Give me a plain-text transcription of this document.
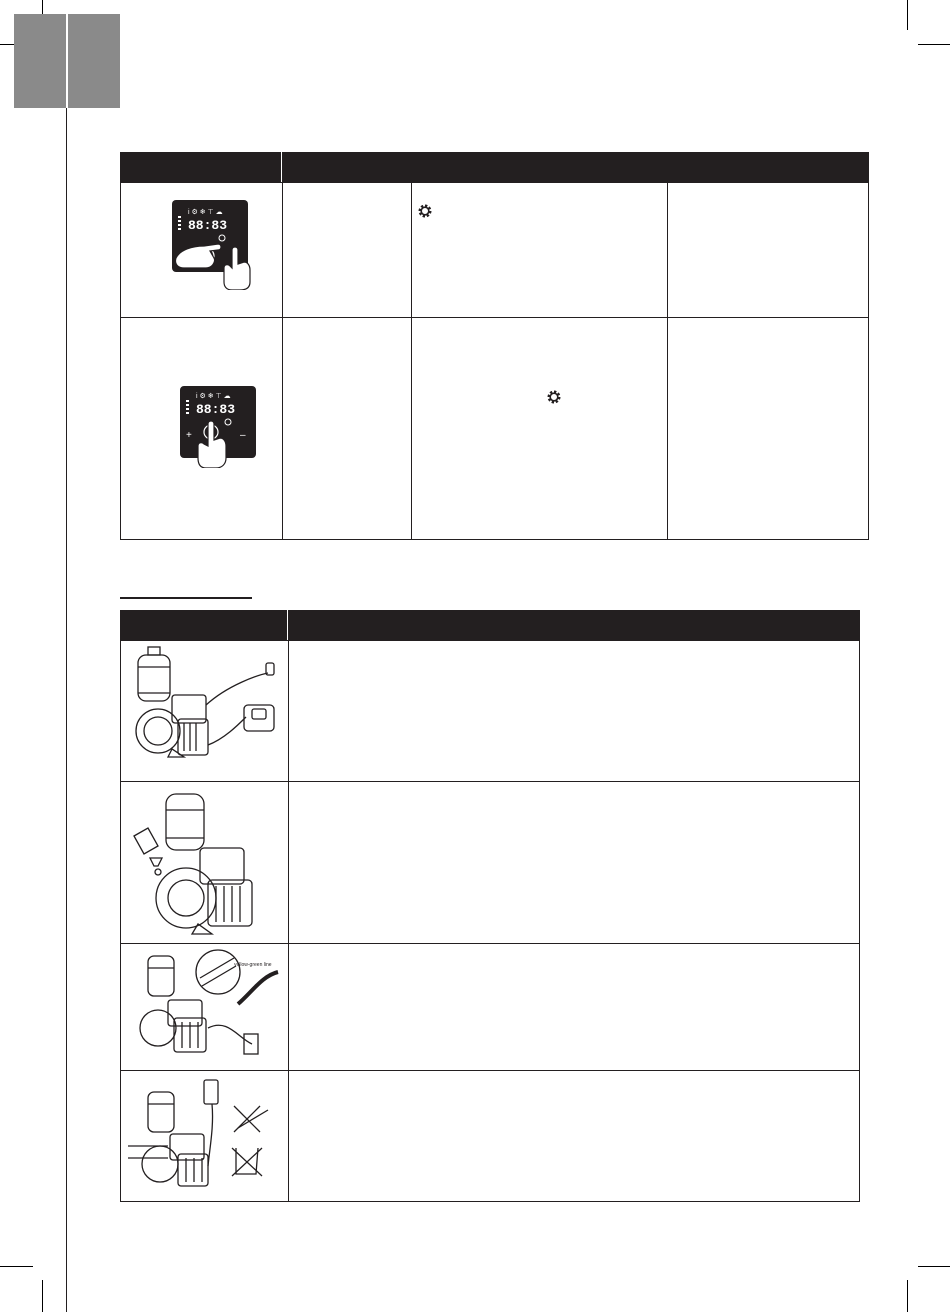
i ⚙ ❄ ⊤ ☁
88:83
i ⚙ ❄ ⊤ ☁
88:83
+	–
yellow-green line
